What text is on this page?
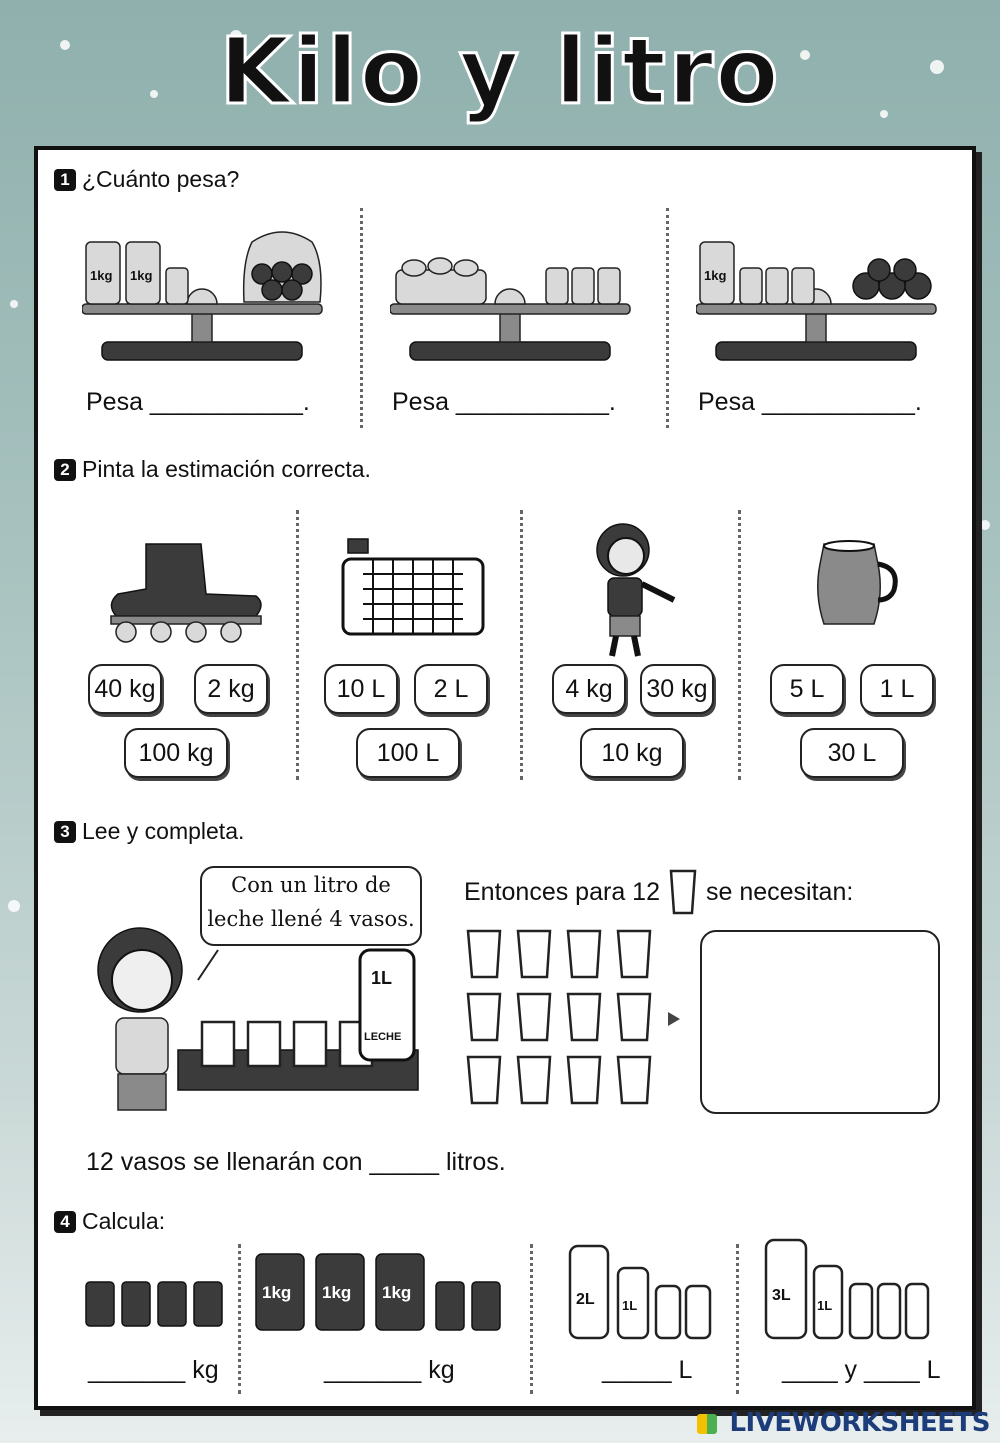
Kilo y litro
1 ¿Cuánto pesa?
1kg 1kg
Pesa ___________.	Pesa ___________.
1kg
Pesa ___________.
2 Pinta la estimación correcta.
40 kg	2 kg
100 kg
10 L	2 L
100 L
4 kg	30 kg
10 kg
5 L	1 L
30 L
3 Lee y completa.
Con un litro de
leche llené 4 vasos.
1L
LECHE
Entonces para 12 se necesitan:
12 vasos se llenarán con _____ litros.
4 Calcula:
1kg 1kg 1kg	2L 1L
3L
1L
_______ kg	_______ kg	_____ L	____ y ____ L
LIVEWORKSHEETS
